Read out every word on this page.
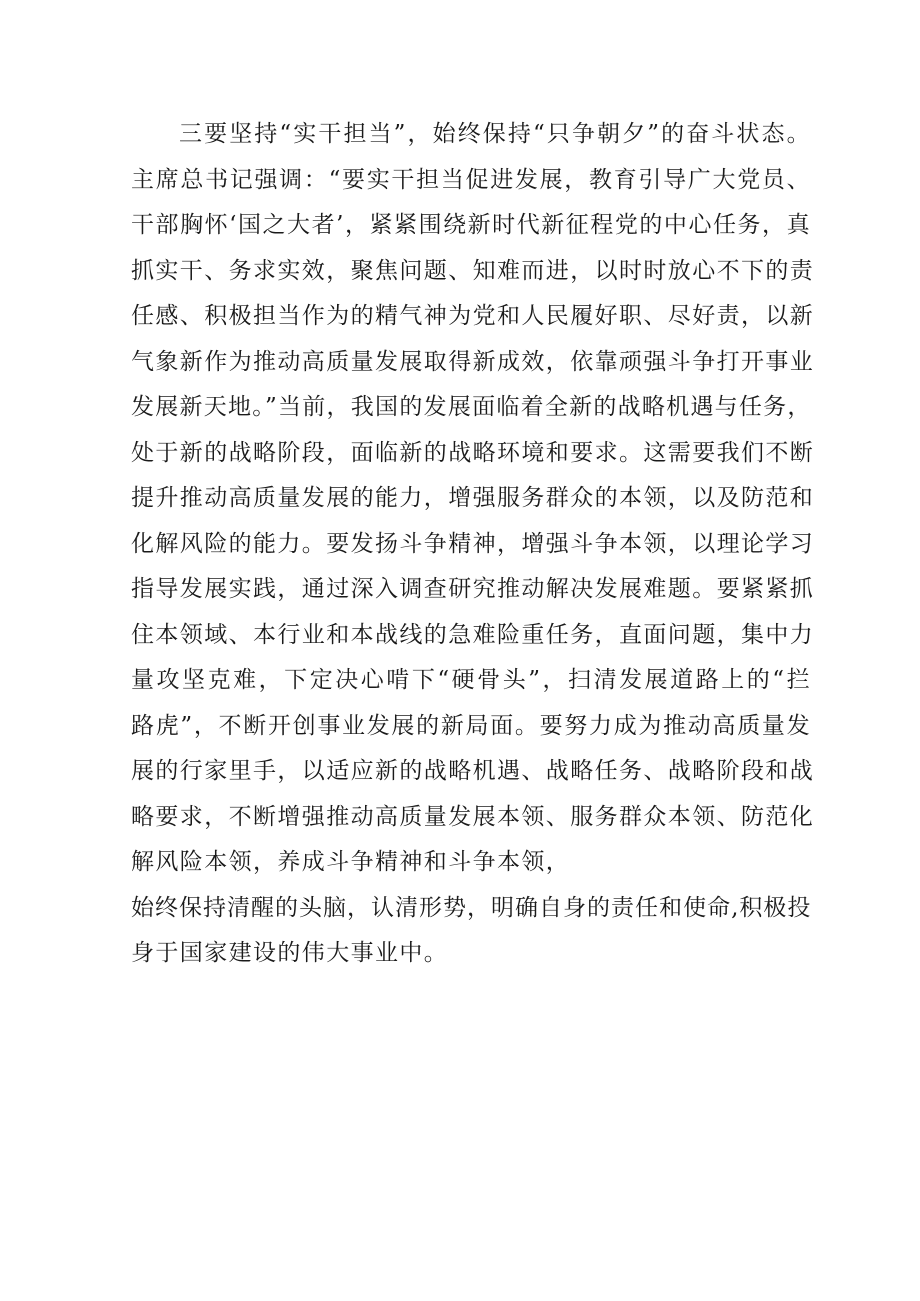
三要坚持“实干担当”，始终保持“只争朝夕”的奋斗状态。
主席总书记强调：“要实干担当促进发展，教育引导广大党员、
干部胸怀‘国之大者’，紧紧围绕新时代新征程党的中心任务，真
抓实干、务求实效，聚焦问题、知难而进，以时时放心不下的责
任感、积极担当作为的精气神为党和人民履好职、尽好责，以新
气象新作为推动高质量发展取得新成效，依靠顽强斗争打开事业
发展新天地。”当前，我国的发展面临着全新的战略机遇与任务，
处于新的战略阶段，面临新的战略环境和要求。这需要我们不断
提升推动高质量发展的能力，增强服务群众的本领，以及防范和
化解风险的能力。要发扬斗争精神，增强斗争本领，以理论学习
指导发展实践，通过深入调查研究推动解决发展难题。要紧紧抓
住本领域、本行业和本战线的急难险重任务，直面问题，集中力
量攻坚克难，下定决心啃下“硬骨头”，扫清发展道路上的“拦
路虎”，不断开创事业发展的新局面。要努力成为推动高质量发
展的行家里手，以适应新的战略机遇、战略任务、战略阶段和战
略要求，不断增强推动高质量发展本领、服务群众本领、防范化
解风险本领，养成斗争精神和斗争本领，
始终保持清醒的头脑，认清形势，明确自身的责任和使命,积极投
身于国家建设的伟大事业中。
